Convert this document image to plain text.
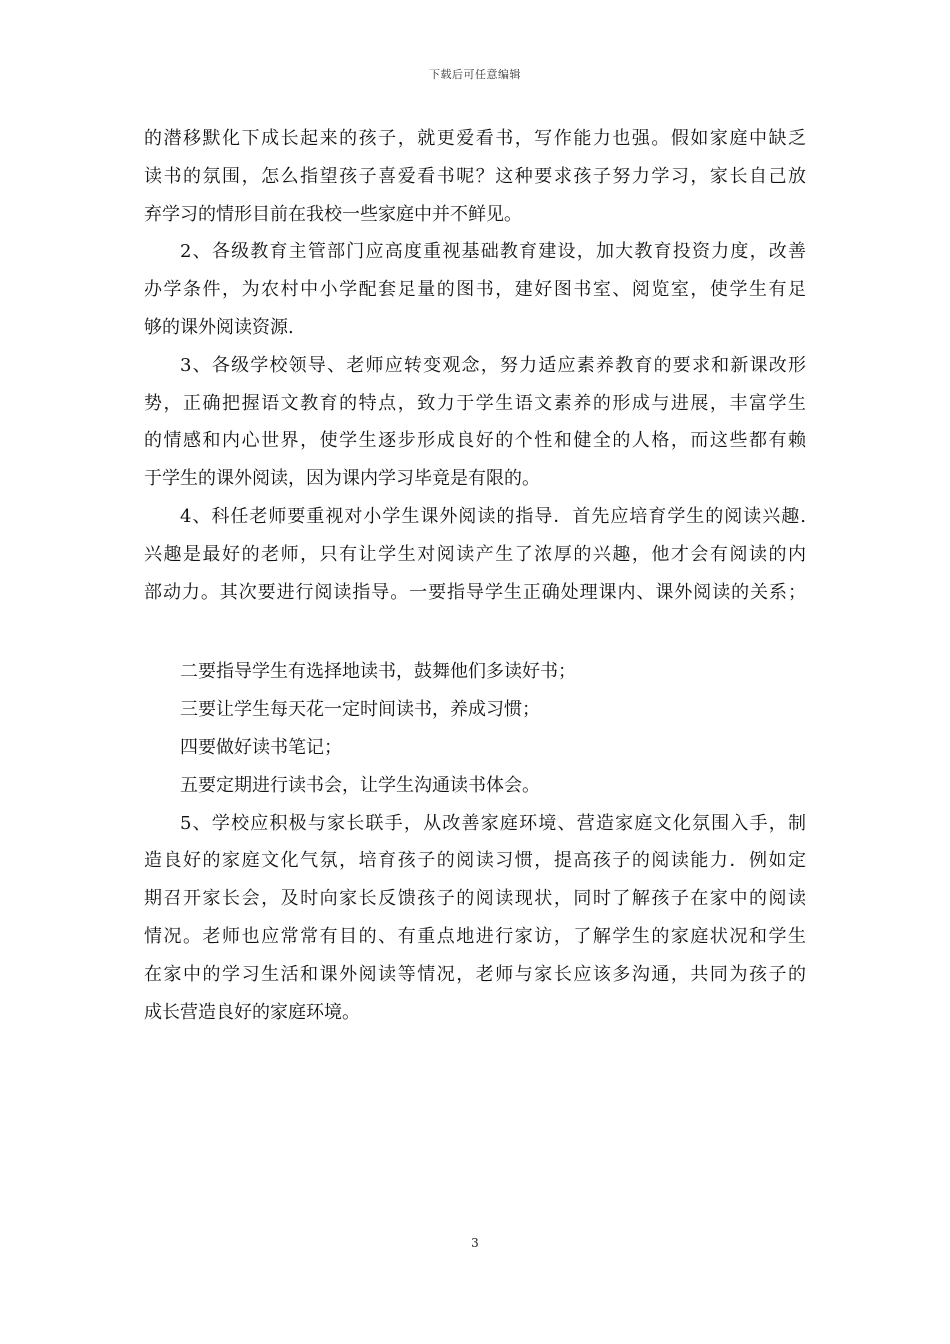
下载后可任意编辑
的潜移默化下成长起来的孩子，就更爱看书，写作能力也强。假如家庭中缺乏
读书的氛围，怎么指望孩子喜爱看书呢？这种要求孩子努力学习，家长自己放
弃学习的情形目前在我校一些家庭中并不鲜见。
2、各级教育主管部门应高度重视基础教育建设，加大教育投资力度，改善
办学条件，为农村中小学配套足量的图书，建好图书室、阅览室，使学生有足
够的课外阅读资源.
3、各级学校领导、老师应转变观念，努力适应素养教育的要求和新课改形
势，正确把握语文教育的特点，致力于学生语文素养的形成与进展，丰富学生
的情感和内心世界，使学生逐步形成良好的个性和健全的人格，而这些都有赖
于学生的课外阅读，因为课内学习毕竟是有限的。
4、科任老师要重视对小学生课外阅读的指导．首先应培育学生的阅读兴趣.
兴趣是最好的老师，只有让学生对阅读产生了浓厚的兴趣，他才会有阅读的内
部动力。其次要进行阅读指导。一要指导学生正确处理课内、课外阅读的关系；
二要指导学生有选择地读书，鼓舞他们多读好书；
三要让学生每天花一定时间读书，养成习惯；
四要做好读书笔记；
五要定期进行读书会，让学生沟通读书体会。
5、学校应积极与家长联手，从改善家庭环境、营造家庭文化氛围入手，制
造良好的家庭文化气氛，培育孩子的阅读习惯，提高孩子的阅读能力．例如定
期召开家长会，及时向家长反馈孩子的阅读现状，同时了解孩子在家中的阅读
情况。老师也应常常有目的、有重点地进行家访，了解学生的家庭状况和学生
在家中的学习生活和课外阅读等情况，老师与家长应该多沟通，共同为孩子的
成长营造良好的家庭环境。
3
